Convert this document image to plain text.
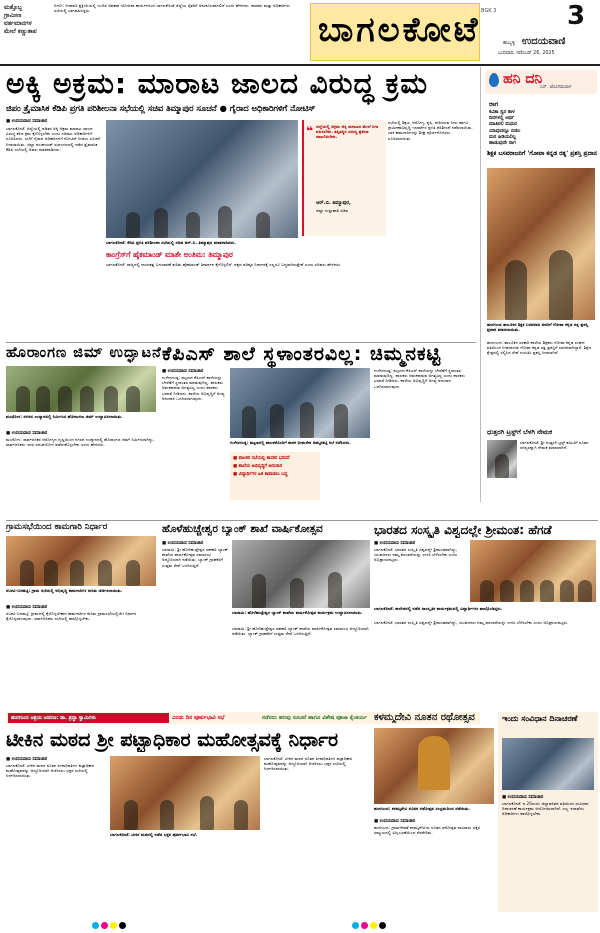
ಮತ್ತೊಬ್ಬ
ಗ್ರಾಮೀಣ
ವರ್ತಮಾನಗಳ
ಮೇಲೆ ಕಣ್ಣುತಾಪ
ಬೀಳಗಿ: ನೀರಾವರಿ ಪ್ರಕ್ರಿಯೆಯಲ್ಲಿ ಇಂದಿನ ಅವಕಾಶ ಯೋಜನಾ ಕಾರ್ಯಗಳಿಂದ ಬಾಗಲಕೋಟೆ ಜಿಲ್ಲೆಯ ರೈತರಿಗೆ ಅನುಕೂಲವಾಗಲಿದೆ ಎಂದು ಹೇಳಿದರು. ಶಾಸಕರು ಮತ್ತು ಅಧಿಕಾರಿಗಳು ಸಭೆಯಲ್ಲಿ ಭಾಗವಹಿಸಿದ್ದರು.	ಬಾಗಲಕೋಟೆ BGK 3	3
ಹುಬ್ಬಳ್ಳಿ ಉದಯವಾಣಿ
ಬುಧವಾರ, ನವೆಂಬರ್ 26, 2025
ಅಕ್ಕಿ ಅಕ್ರಮ: ಮಾರಾಟ ಜಾಲದ ವಿರುದ್ಧ ಕ್ರಮ
ಜಿಪಂ ತ್ರೈಮಾಸಿಕ ಕೆಡಿಪಿ ಪ್ರಗತಿ ಪರಿಶೀಲನಾ ಸಭೆಯಲ್ಲಿ ಸಚಿವ ತಿಮ್ಮಾಪುರ ಸೂಚನೆ ● ಗೈರಾದ ಅಧಿಕಾರಿಗಳಿಗೆ ನೋಟಿಸ್
■ ಉದಯವಾಣಿ ಸಮಾಚಾರ
ಬಾಗಲಕೋಟೆ: ಜಿಲ್ಲೆಯಲ್ಲಿ ಪಡಿತರ ಅಕ್ಕಿ ಅಕ್ರಮ ಮಾರಾಟ ಜಾಲದ ವಿರುದ್ಧ ಕಠಿಣ ಕ್ರಮ ಕೈಗೊಳ್ಳಬೇಕು ಎಂದು ಸಚಿವರು ಅಧಿಕಾರಿಗಳಿಗೆ ಸೂಚಿಸಿದರು. ಸಭೆಗೆ ಗೈರಾದ ಅಧಿಕಾರಿಗಳಿಗೆ ನೋಟಿಸ್ ನೀಡಲು ಸೂಚನೆ ನೀಡಲಾಯಿತು. ಜಿಲ್ಲಾ ಪಂಚಾಯತ್ ಸಭಾಂಗಣದಲ್ಲಿ ನಡೆದ ತ್ರೈಮಾಸಿಕ ಕೆಡಿಪಿ ಸಭೆಯಲ್ಲಿ ಅವರು ಮಾತನಾಡಿದರು.
ಬಾಗಲಕೋಟೆ: ಕೆಡಿಪಿ ಪ್ರಗತಿ ಪರಿಶೀಲನಾ ಸಭೆಯಲ್ಲಿ ಸಚಿವ ಆರ್.ಬಿ. ತಿಮ್ಮಾಪುರ ಮಾತನಾಡಿದರು.
❝ ಜಿಲ್ಲೆಯಲ್ಲಿ ಅಕ್ರಮ ಅಕ್ಕಿ ಸಾಗಾಟದ ಮೇಲೆ ನಿಗಾ ವಹಿಸಬೇಕು. ತಪ್ಪಿತಸ್ಥರ ವಿರುದ್ಧ ಪ್ರಕರಣ ದಾಖಲಿಸಬೇಕು.
ಆರ್.ಬಿ. ತಿಮ್ಮಾಪುರ,
ಜಿಲ್ಲಾ ಉಸ್ತುವಾರಿ ಸಚಿವ
ಸಭೆಯಲ್ಲಿ ಶಿಕ್ಷಣ, ಆರೋಗ್ಯ, ಕೃಷಿ, ಕುಡಿಯುವ ನೀರು ಹಾಗೂ ಗ್ರಾಮೀಣಾಭಿವೃದ್ಧಿ ಇಲಾಖೆಗಳ ಪ್ರಗತಿ ಪರಿಶೀಲನೆ ನಡೆಸಲಾಯಿತು. ಬಾಕಿ ಕಾಮಗಾರಿಗಳನ್ನು ಶೀಘ್ರ ಪೂರ್ಣಗೊಳಿಸಲು ಸೂಚಿಸಲಾಯಿತು.
ಕಾಂಗ್ರೆಸ್‌ಗೆ ಹೈಕಮಾಂಡ್ ಮಾತೇ ಅಂತಿಮ: ತಿಮ್ಮಾಪುರ
ಬಾಗಲಕೋಟೆ: ರಾಜ್ಯದಲ್ಲಿ ನಾಯಕತ್ವ ಬದಲಾವಣೆ ಕುರಿತು ಹೈಕಮಾಂಡ್ ತೀರ್ಮಾನ ಕೈಗೊಳ್ಳಲಿದೆ. ಪಕ್ಷದ ವರಿಷ್ಠರ ನಿರ್ಧಾರಕ್ಕೆ ಎಲ್ಲರೂ ಬದ್ಧರಾಗಿರುತ್ತೇವೆ ಎಂದು ಸಚಿವರು ಹೇಳಿದರು.
ಹನಿ ದನಿ
ಎಸ್. ಜೊಂಗಮಲಾಳ
ರಾಗ
ಕವಿತಾ ಸ್ವರ ತಾಳ
ದಿನಗಳಲ್ಲಿ ಅರ್ಥ
ಮಾತಿನಲಿ ಮಧುರ
ಯಾವುದನ್ನೂ ಬಿಡಲ
ಮನ ಹಿಡಿಯಲಿಲ್ಲ
ಹಾಡುವುದೇ ರಾಗ
ಶಿಕ್ಷಕ ಬಸವರಾಜರಿಗೆ 'ಗೋವಾ ಕನ್ನಡ ರತ್ನ' ಪ್ರಶಸ್ತಿ ಪ್ರದಾನ
ಹುನಗುಂದ ತಾಲೂಕಿನ ಶಿಕ್ಷಕ ಬಸವರಾಜ ಅವರಿಗೆ ಗೋವಾ ಕನ್ನಡ ರತ್ನ ಪ್ರಶಸ್ತಿ ಪ್ರದಾನ ಮಾಡಲಾಯಿತು.
ಹುನಗುಂದ: ತಾಲೂಕಿನ ಸರಕಾರಿ ಶಾಲೆಯ ಶಿಕ್ಷಕರು ಗೋವಾ ಕನ್ನಡ ಸಂಘದ ವತಿಯಿಂದ ನೀಡಲಾಗುವ ಗೋವಾ ಕನ್ನಡ ರತ್ನ ಪ್ರಶಸ್ತಿಗೆ ಭಾಜನರಾಗಿದ್ದಾರೆ. ಶಿಕ್ಷಣ ಕ್ಷೇತ್ರದಲ್ಲಿ ಸಲ್ಲಿಸಿದ ಸೇವೆ ಗುರುತಿಸಿ ಪ್ರಶಸ್ತಿ ನೀಡಲಾಗಿದೆ.
ಧುತ್ತರಗಿ ಟ್ರಸ್ಟ್‌ಗೆ ಬೆಳಗಿ ನೇಮಕ
ಬಾಗಲಕೋಟೆ: ಶ್ರೀ ಧುತ್ತರಗಿ ಟ್ರಸ್ಟ್ ಕಮಿಟಿಗೆ ನೂತನ ಸದಸ್ಯರನ್ನಾಗಿ ನೇಮಕ ಮಾಡಲಾಗಿದೆ.
ಹೊರಾಂಗಣ ಜಿಮ್ ಉದ್ಘಾಟನೆ
ಮುಧೋಳ: ನಗರದ ಉದ್ಯಾನದಲ್ಲಿ ನಿರ್ಮಿಸಿದ ಹೊರಾಂಗಣ ಜಿಮ್ ಉದ್ಘಾಟಿಸಲಾಯಿತು.
■ ಉದಯವಾಣಿ ಸಮಾಚಾರ
ಮುಧೋಳ: ಸಾರ್ವಜನಿಕರ ಆರೋಗ್ಯದ ದೃಷ್ಟಿಯಿಂದ ನಗರದ ಉದ್ಯಾನದಲ್ಲಿ ಹೊರಾಂಗಣ ಜಿಮ್ ನಿರ್ಮಿಸಲಾಗಿದ್ದು, ಸಾರ್ವಜನಿಕರು ಇದರ ಸದುಪಯೋಗ ಪಡೆದುಕೊಳ್ಳಬೇಕು ಎಂದು ಹೇಳಿದರು.
ಕೆಪಿಎಸ್ ಶಾಲೆ ಸ್ಥಳಾಂತರವಿಲ್ಲ: ಚಿಮ್ಮನಕಟ್ಟಿ
■ ಉದಯವಾಣಿ ಸಮಾಚಾರ
ಗುಳೇದಗುಡ್ಡ: ಪಟ್ಟಣದ ಕೆಪಿಎಸ್ ಶಾಲೆಯನ್ನು ಬೇರೆಡೆಗೆ ಸ್ಥಳಾಂತರ ಮಾಡುವುದಿಲ್ಲ. ಪಾಲಕರು ಆತಂಕಪಡುವ ಅಗತ್ಯವಿಲ್ಲ ಎಂದು ಶಾಸಕರು ಭರವಸೆ ನೀಡಿದರು. ಶಾಲೆಯ ಅಭಿವೃದ್ಧಿಗೆ ಅಗತ್ಯ ಅನುದಾನ ಒದಗಿಸಲಾಗುವುದು.
ಗುಳೇದಗುಡ್ಡ: ಪಟ್ಟಣದಲ್ಲಿ ಪಾಲಕರೊಂದಿಗೆ ಶಾಸಕ ಭೀಮಸೇನ ಚಿಮ್ಮನಕಟ್ಟಿ ಸಭೆ ನಡೆಸಿದರು.
■ ಪಾಲಕರ ಸಭೆಯಲ್ಲಿ ಶಾಸಕರ ಭರವಸೆ
■ ಶಾಲೆಯ ಅಭಿವೃದ್ಧಿಗೆ ಅನುದಾನ
■ ವಿದ್ಯಾರ್ಥಿಗಳ ಹಿತ ಕಾಪಾಡಲು ಬದ್ಧ
ಗುಳೇದಗುಡ್ಡ: ಪಟ್ಟಣದ ಕೆಪಿಎಸ್ ಶಾಲೆಯನ್ನು ಬೇರೆಡೆಗೆ ಸ್ಥಳಾಂತರ ಮಾಡುವುದಿಲ್ಲ. ಪಾಲಕರು ಆತಂಕಪಡುವ ಅಗತ್ಯವಿಲ್ಲ ಎಂದು ಶಾಸಕರು ಭರವಸೆ ನೀಡಿದರು. ಶಾಲೆಯ ಅಭಿವೃದ್ಧಿಗೆ ಅಗತ್ಯ ಅನುದಾನ ಒದಗಿಸಲಾಗುವುದು.
ಗ್ರಾಮಸಭೆಯಿಂದ ಕಾಮಗಾರಿ ನಿರ್ಧಾರ
ರಬಕವಿ-ಬನಹಟ್ಟಿ: ಗ್ರಾಮ ಸಭೆಯಲ್ಲಿ ಅಭಿವೃದ್ಧಿ ಕಾಮಗಾರಿಗಳ ಕುರಿತು ಚರ್ಚಿಸಲಾಯಿತು.
■ ಉದಯವಾಣಿ ಸಮಾಚಾರ
ರಬಕವಿ-ಬನಹಟ್ಟಿ: ಗ್ರಾಮದಲ್ಲಿ ಕೈಗೊಳ್ಳಬೇಕಾದ ಕಾಮಗಾರಿಗಳ ಕುರಿತು ಗ್ರಾಮಸಭೆಯಲ್ಲಿಯೇ ನಿರ್ಧಾರ ಕೈಗೊಳ್ಳಲಾಗುವುದು. ಸಾರ್ವಜನಿಕರು ಸಭೆಯಲ್ಲಿ ಪಾಲ್ಗೊಳ್ಳಬೇಕು.
ಹೊಳೆಹುಚ್ಚೇಶ್ವರ ಬ್ಯಾಂಕ್ ಶಾಖೆ ವಾರ್ಷಿಕೋತ್ಸವ
■ ಉದಯವಾಣಿ ಸಮಾಚಾರ
ಬಾದಾಮಿ: ಶ್ರೀ ಹೊಳೆಹುಚ್ಚೇಶ್ವರ ಸಹಕಾರಿ ಬ್ಯಾಂಕ್ ಶಾಖೆಯ ವಾರ್ಷಿಕೋತ್ಸವ ಸಮಾರಂಭ ಅದ್ದೂರಿಯಾಗಿ ನಡೆಯಿತು. ಬ್ಯಾಂಕ್ ಗ್ರಾಹಕರಿಗೆ ಉತ್ತಮ ಸೇವೆ ಒದಗಿಸುತ್ತಿದೆ.
ಬಾದಾಮಿ: ಹೊಳೆಹುಚ್ಚೇಶ್ವರ ಬ್ಯಾಂಕ್ ಶಾಖೆಯ ವಾರ್ಷಿಕೋತ್ಸವ ಕಾರ್ಯಕ್ರಮ ಉದ್ಘಾಟಿಸಲಾಯಿತು.
ಬಾದಾಮಿ: ಶ್ರೀ ಹೊಳೆಹುಚ್ಚೇಶ್ವರ ಸಹಕಾರಿ ಬ್ಯಾಂಕ್ ಶಾಖೆಯ ವಾರ್ಷಿಕೋತ್ಸವ ಸಮಾರಂಭ ಅದ್ದೂರಿಯಾಗಿ ನಡೆಯಿತು. ಬ್ಯಾಂಕ್ ಗ್ರಾಹಕರಿಗೆ ಉತ್ತಮ ಸೇವೆ ಒದಗಿಸುತ್ತಿದೆ.
ಭಾರತದ ಸಂಸ್ಕೃತಿ ವಿಶ್ವದಲ್ಲೇ ಶ್ರೀಮಂತ: ಹೆಗಡೆ
■ ಉದಯವಾಣಿ ಸಮಾಚಾರ
ಬಾಗಲಕೋಟೆ: ಭಾರತದ ಸಂಸ್ಕೃತಿ ವಿಶ್ವದಲ್ಲೇ ಶ್ರೀಮಂತವಾಗಿದ್ದು, ಯುವಜನರು ನಮ್ಮ ಪರಂಪರೆಯನ್ನು ಉಳಿಸಿ ಬೆಳೆಸಬೇಕು ಎಂದು ಅಭಿಪ್ರಾಯಪಟ್ಟರು.
ಬಾಗಲಕೋಟೆ: ಕಾಲೇಜಿನಲ್ಲಿ ನಡೆದ ಸಾಂಸ್ಕೃತಿಕ ಕಾರ್ಯಕ್ರಮದಲ್ಲಿ ವಿದ್ಯಾರ್ಥಿಗಳು ಪಾಲ್ಗೊಂಡಿದ್ದರು.
ಬಾಗಲಕೋಟೆ: ಭಾರತದ ಸಂಸ್ಕೃತಿ ವಿಶ್ವದಲ್ಲೇ ಶ್ರೀಮಂತವಾಗಿದ್ದು, ಯುವಜನರು ನಮ್ಮ ಪರಂಪರೆಯನ್ನು ಉಳಿಸಿ ಬೆಳೆಸಬೇಕು ಎಂದು ಅಭಿಪ್ರಾಯಪಟ್ಟರು.
ಹುನಗುಂದ ಆಶ್ರಯ ಆವರಣ: ಡಾ. ಶ್ರದ್ಧಾ ಸ್ವಾಮಿಗಳು	ಎರಡು ದಿನ ಪೂರ್ವಭಾವಿ ಸಭೆ	ನಡೆಸಲು ಹಲವು ಸೂಚನೆ ಹಾಗೂ ವಿಶೇಷ ಪೂಜಾ ಕೈಂಕರ್ಯ
ಟೀಕಿನ ಮಠದ ಶ್ರೀ ಪಟ್ಟಾಧಿಕಾರ ಮಹೋತ್ಸವಕ್ಕೆ ನಿರ್ಧಾರ
■ ಉದಯವಾಣಿ ಸಮಾಚಾರ
ಬಾಗಲಕೋಟೆ: ಟೀಕಿನ ಮಠದ ನೂತನ ಪೀಠಾಧಿಪತಿಗಳ ಪಟ್ಟಾಧಿಕಾರ ಮಹೋತ್ಸವವನ್ನು ಅದ್ದೂರಿಯಾಗಿ ಆಚರಿಸಲು ಭಕ್ತರ ಸಭೆಯಲ್ಲಿ ನಿರ್ಧರಿಸಲಾಯಿತು.
ಬಾಗಲಕೋಟೆ: ಟೀಕಿನ ಮಠದಲ್ಲಿ ನಡೆದ ಭಕ್ತರ ಪೂರ್ವಭಾವಿ ಸಭೆ.
ಬಾಗಲಕೋಟೆ: ಟೀಕಿನ ಮಠದ ನೂತನ ಪೀಠಾಧಿಪತಿಗಳ ಪಟ್ಟಾಧಿಕಾರ ಮಹೋತ್ಸವವನ್ನು ಅದ್ದೂರಿಯಾಗಿ ಆಚರಿಸಲು ಭಕ್ತರ ಸಭೆಯಲ್ಲಿ ನಿರ್ಧರಿಸಲಾಯಿತು.
ಕಳಮ್ಮದೇವಿ ನೂತನ ರಥೋತ್ಸವ
ಹುನಗುಂದ: ಕಳಮ್ಮದೇವಿ ನೂತನ ರಥೋತ್ಸವ ಸಂಭ್ರಮದಿಂದ ನಡೆಯಿತು.
■ ಉದಯವಾಣಿ ಸಮಾಚಾರ
ಹುನಗುಂದ: ಗ್ರಾಮದೇವತೆ ಕಳಮ್ಮದೇವಿಯ ನೂತನ ರಥೋತ್ಸವ ಸಾವಿರಾರು ಭಕ್ತರ ಸಮ್ಮುಖದಲ್ಲಿ ವಿಜೃಂಭಣೆಯಿಂದ ನೆರವೇರಿತು.
ಇಂದು ಸಂವಿಧಾನ ದಿನಾಚರಣೆ
■ ಉದಯವಾಣಿ ಸಮಾಚಾರ
ಬಾಗಲಕೋಟೆ: ನ.26ರಂದು ಜಿಲ್ಲಾಡಳಿತದ ವತಿಯಿಂದ ಸಂವಿಧಾನ ದಿನಾಚರಣೆ ಕಾರ್ಯಕ್ರಮ ಆಯೋಜಿಸಲಾಗಿದೆ. ಎಲ್ಲ ಇಲಾಖೆಯ ಅಧಿಕಾರಿಗಳು ಪಾಲ್ಗೊಳ್ಳಬೇಕು.
